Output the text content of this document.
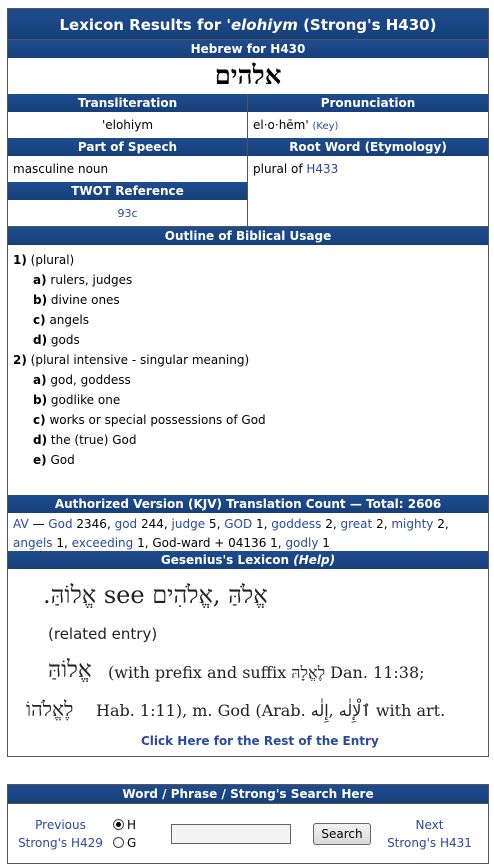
Lexicon Results for 'elohiym (Strong's H430)
Hebrew for H430
אלהים
Transliteration
'elohiym
Pronunciation
el·o·hēm' (Key)
Part of Speech
masculine noun
TWOT Reference
93c
Root Word (Etymology)
plural of H433
Outline of Biblical Usage
1) (plural)
a) rulers, judges
b) divine ones
c) angels
d) gods
2) (plural intensive - singular meaning)
a) god, goddess
b) godlike one
c) works or special possessions of God
d) the (true) God
e) God
Authorized Version (KJV) Translation Count — Total: 2606
AV — God 2346, god 244, judge 5, GOD 1, goddess 2, great 2, mighty 2, angels 1, exceeding 1, God-ward + 04136 1, godly 1
Gesenius's Lexicon (Help)
אֱלֹהַּ ,אֱלֹהִים see אֱלוֹהַּ.
(related entry)
אֱלוֹהַּ (with prefix and suffix לֶאֱלָהּ Dan. 11:38;
לֶאֱלֹהוֹ Hab. 1:11), m. God (Arab. ٱلْإِلٰه ,إِلٰه with art.
Click Here for the Rest of the Entry
Word / Phrase / Strong's Search Here
Previous
Strong's H429
H
G
Search
Next
Strong's H431
